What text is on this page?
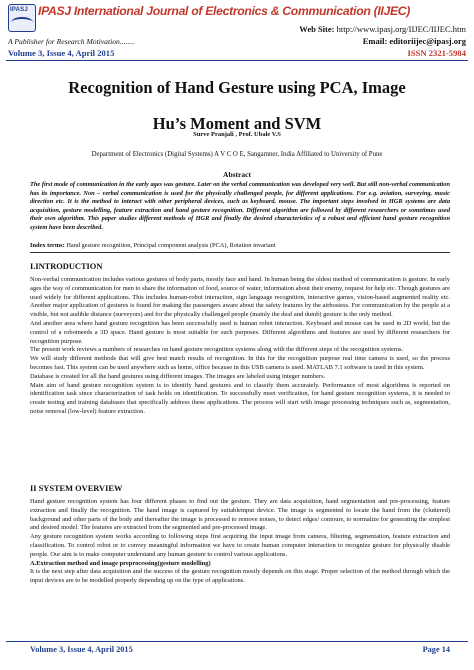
IPASJ IPASJ International Journal of Electronics & Communication (IIJEC)
Web Site: http://www.ipasj.org/IIJEC/IIJEC.htm
A Publisher for Research Motivation........	Email: editoriijec@ipasj.org
Volume 3, Issue 4, April 2015	ISSN 2321-5984
Recognition of Hand Gesture using PCA, Image
Hu’s Moment and SVM
Surve Pranjali , Prof. Ubale V.S
Department of Electronics (Digital Systems) A V C O E, Sangamner, India Affiliated to University of Pune
Abstract
The first mode of communication in the early ages was gesture. Later on the verbal communication was developed very well. But still non-verbal communication has its importance. Non – verbal communication is used for the physically challenged people, for different applications. For e.g. aviation, surveying, music direction etc. It is the method to interact with other peripheral devices, such as keyboard, mouse. The important steps involved in HGR systems are data acquisition, gesture modelling, feature extraction and hand gesture recognition. Different algorithm are followed by different researchers or sometimes used their own algorithm. This paper studies different methods of HGR and finally the desired characteristics of a robust and efficient hand gesture recognition system have been described.
Index terms: Hand gesture recognition, Principal component analysis (PCA), Rotation invariant
I.INTRODUCTION

Non-verbal communication includes various gestures of body parts, mostly face and hand. In human being the oldest method of communication is gesture. In early ages the way of communication for men to share the information of food, source of water, information about their enemy, request for help etc. Though gestures are used widely for different applications. This includes human-robot interaction, sign language recognition, interactive games, vision-based augmented reality etc. Another major application of gestures is found for making the passengers aware about the safety features by the airhostess. For communication by the people at a visible, but not audible distance (surveyors) and for the physically challenged people (mainly the deaf and dumb) gesture is the only method.

And another area where hand gesture recognition has been successfully used is human robot interaction. Keyboard and mouse can be used in 2D world, but the control of a robotneeds a 3D space. Hand gesture is most suitable for such purposes. Different algorithms and features are used by different researchers for recognition purpose.

The present work reviews a numbers of researches on hand gesture recognition systems along with the different steps of the recognition systems.

We will study different methods that will give best match results of recognition. In this for the recognition purpose real time camera is used, so the process becomes fast. This system can be used anywhere such as home, office because in this USB camera is used. MATLAB 7.1 software is used in this system.

Database is created for all the hand gestures using different images. The images are labeled using integer numbers.

Main aim of hand gesture recognition system is to identify hand gestures and to classify them accurately. Performance of most algorithms is reported on identification task since characterization of task holds on identification. To successfully meet verification, for hand gesture recognition systems, it is needed to create testing and training databases that specifically address these applications. The process will start with image processing techniques such as, segmentation, noise removal (low-level) feature extraction.

II SYSTEM OVERVIEW

Hand gesture recognition system has four different phases to find out the gesture. They are data acquisition, hand segmentation and pre-processing, feature extraction and finally the recognition. The hand image is captured by suitableinput device. The image is segmented to locate the hand from the (cluttered) background and other parts of the body and thereafter the image is processed to remove noises, to detect edges/ contours, to normalize for generating the simplest and desired model. The features are extracted from the segmented and pre-processed image.

Any gesture recognition system works according to following steps first acquiring the input image from camera, filtering, segmentation, feature extraction and classification. To control robot or to convey meaningful information we have to create human computer interaction to recognize gesture for physically disable people. Our aim is to make computer understand any human gesture to control various applications.

A.Extraction method and image preprocessing(gesture modelling)

It is the next step after data acquisition and the success of the gesture recognition mostly depends on this stage. Proper selection of the method through which the input devices are to be modelled properly depending up on the type of applications.

Volume 3, Issue 4, April 2015	Page 14
